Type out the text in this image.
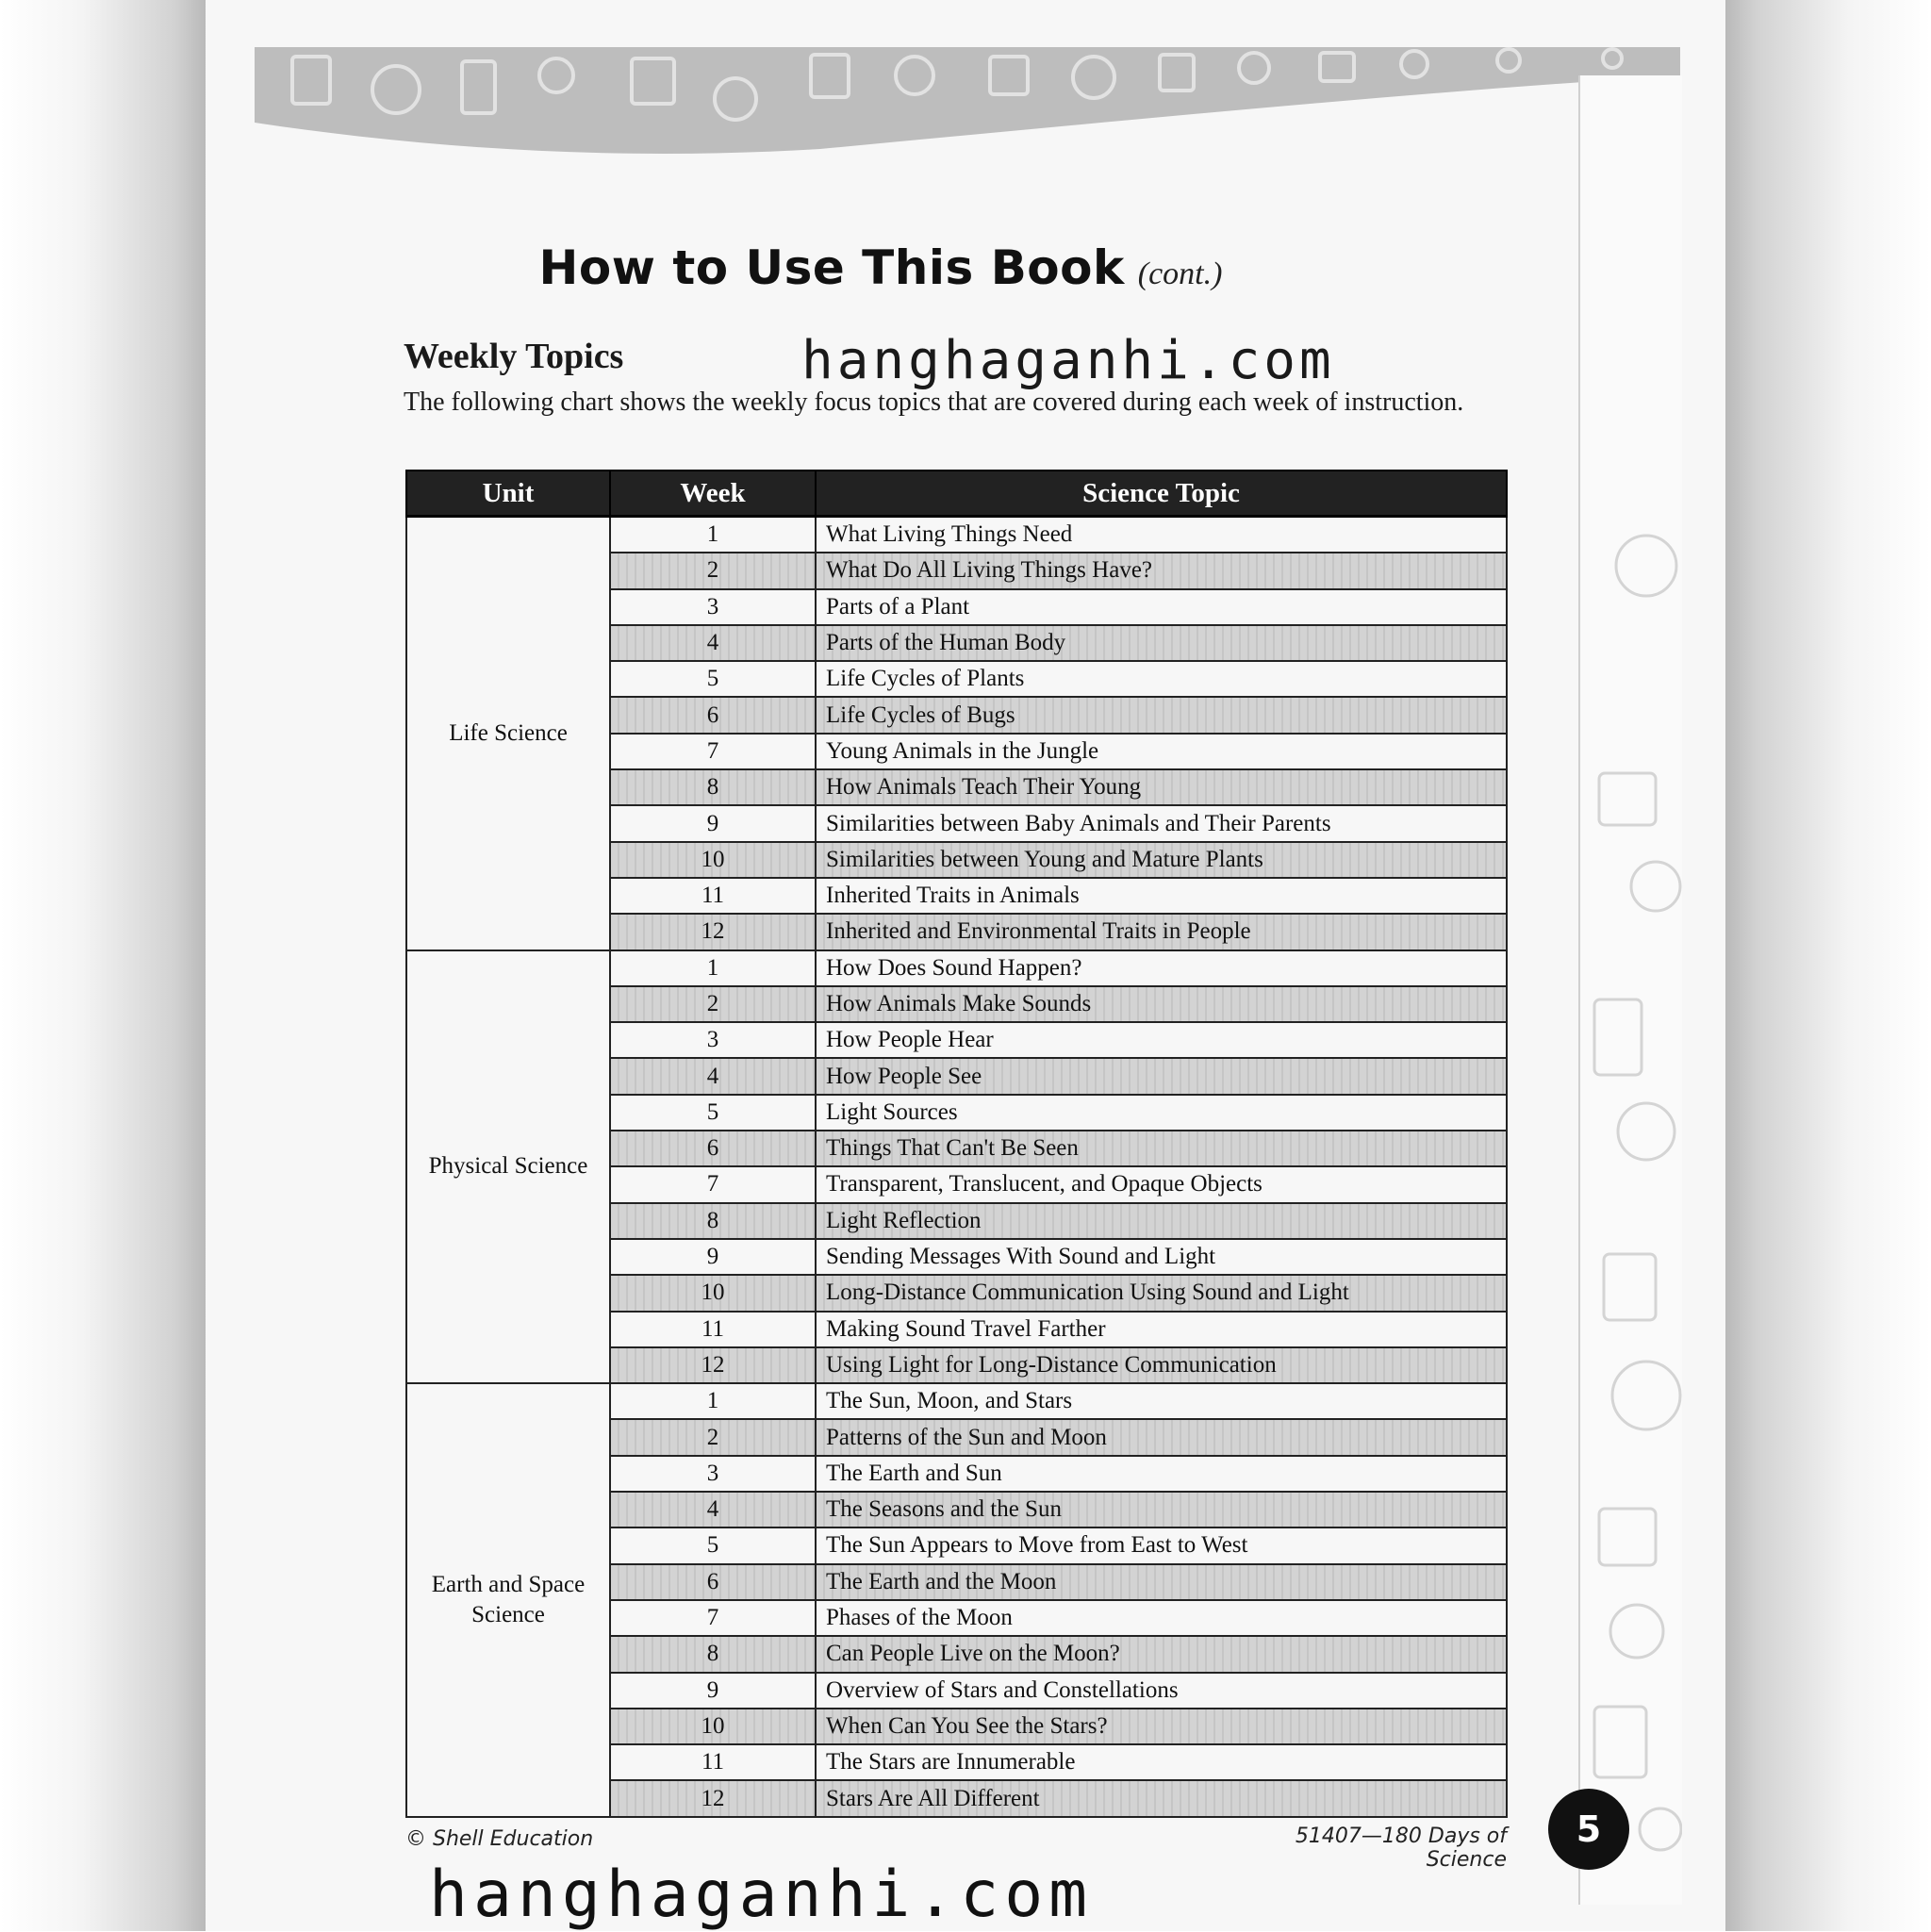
How to Use This Book (cont.)
Weekly Topics
The following chart shows the weekly focus topics that are covered during each week of instruction.
Unit	Week	Science Topic
Life Science	1	What Living Things Need
	2	What Do All Living Things Have?
	3	Parts of a Plant
	4	Parts of the Human Body
	5	Life Cycles of Plants
	6	Life Cycles of Bugs
	7	Young Animals in the Jungle
	8	How Animals Teach Their Young
	9	Similarities between Baby Animals and Their Parents
	10	Similarities between Young and Mature Plants
	11	Inherited Traits in Animals
	12	Inherited and Environmental Traits in People
Physical Science	1	How Does Sound Happen?
	2	How Animals Make Sounds
	3	How People Hear
	4	How People See
	5	Light Sources
	6	Things That Can't Be Seen
	7	Transparent, Translucent, and Opaque Objects
	8	Light Reflection
	9	Sending Messages With Sound and Light
	10	Long-Distance Communication Using Sound and Light
	11	Making Sound Travel Farther
	12	Using Light for Long-Distance Communication
Earth and Space Science	1	The Sun, Moon, and Stars
	2	Patterns of the Sun and Moon
	3	The Earth and Sun
	4	The Seasons and the Sun
	5	The Sun Appears to Move from East to West
	6	The Earth and the Moon
	7	Phases of the Moon
	8	Can People Live on the Moon?
	9	Overview of Stars and Constellations
	10	When Can You See the Stars?
	11	The Stars are Innumerable
	12	Stars Are All Different
© Shell Education	51407—180 Days of Science
5
hanghaganhi.com
hanghaganhi.com
